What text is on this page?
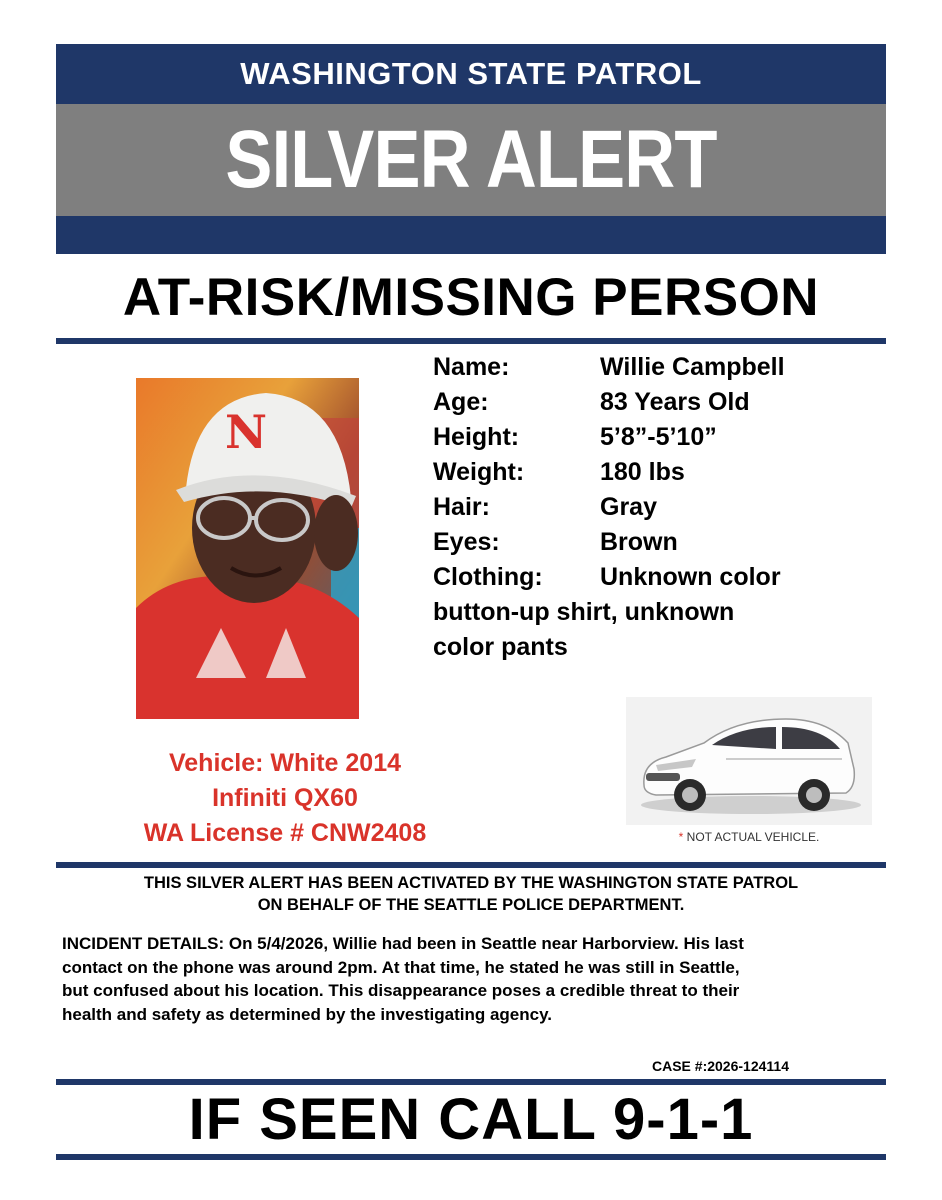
WASHINGTON STATE PATROL
SILVER ALERT
AT-RISK/MISSING PERSON
N
Name:	Willie Campbell
Age:	83 Years Old
Height:	5’8”-5’10”
Weight:	180 lbs
Hair:	Gray
Eyes:	Brown
Clothing:	Unknown color
button-up shirt, unknown
color pants
Vehicle: White 2014
Infiniti QX60
WA License # CNW2408	* NOT ACTUAL VEHICLE.
THIS SILVER ALERT HAS BEEN ACTIVATED BY THE WASHINGTON STATE PATROL
ON BEHALF OF THE SEATTLE POLICE DEPARTMENT.
INCIDENT DETAILS: On 5/4/2026, Willie had been in Seattle near Harborview. His last
contact on the phone was around 2pm. At that time, he stated he was still in Seattle,
but confused about his location. This disappearance poses a credible threat to their
health and safety as determined by the investigating agency.
CASE #:2026-124114
IF SEEN CALL 9-1-1
